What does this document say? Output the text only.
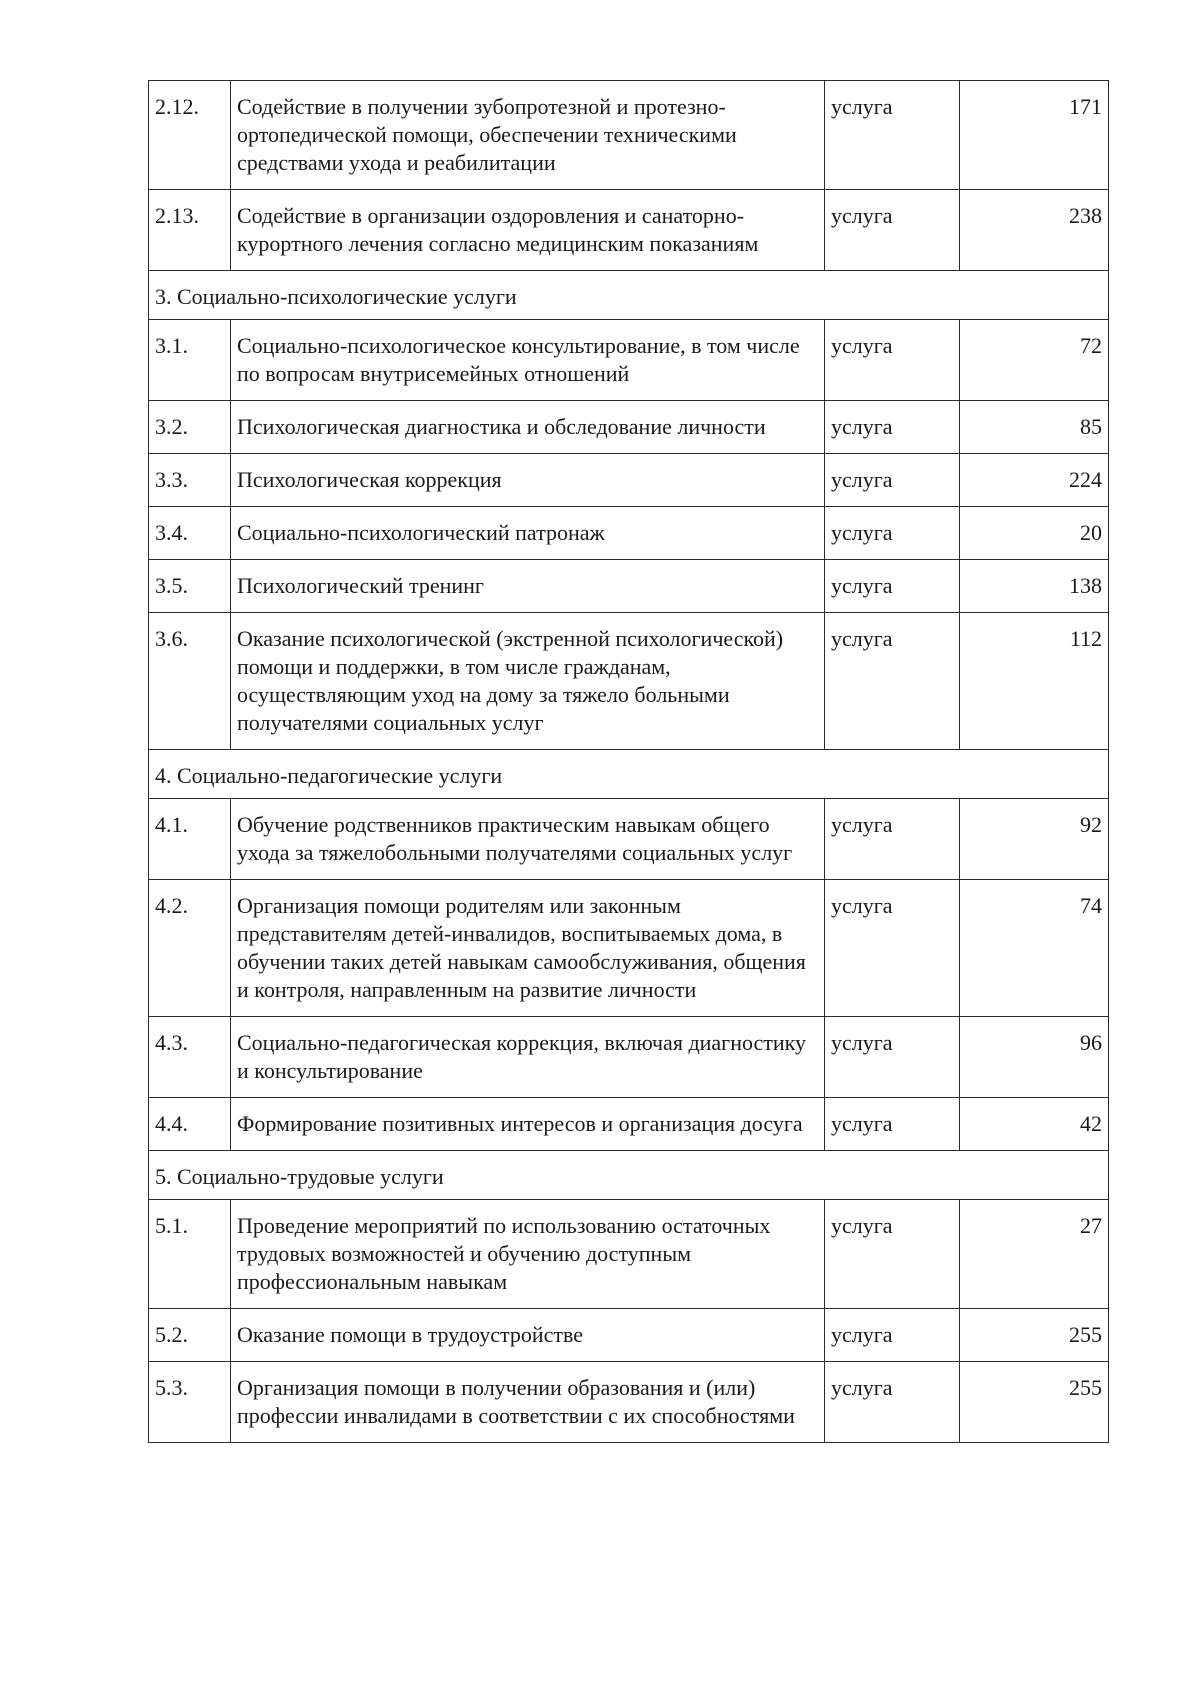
2.12.	Содействие в получении зубопротезной и протезно-ортопедической помощи, обеспечении техническими средствами ухода и реабилитации	услуга	171
2.13.	Содействие в организации оздоровления и санаторно-курортного лечения согласно медицинским показаниям	услуга	238
3. Социально-психологические услуги			
3.1.	Социально-психологическое консультирование, в том числе по вопросам внутрисемейных отношений	услуга	72
3.2.	Психологическая диагностика и обследование личности	услуга	85
3.3.	Психологическая коррекция	услуга	224
3.4.	Социально-психологический патронаж	услуга	20
3.5.	Психологический тренинг	услуга	138
3.6.	Оказание психологической (экстренной психологической) помощи и поддержки, в том числе гражданам, осуществляющим уход на дому за тяжело больными получателями социальных услуг	услуга	112
4. Социально-педагогические услуги			
4.1.	Обучение родственников практическим навыкам общего ухода за тяжелобольными получателями социальных услуг	услуга	92
4.2.	Организация помощи родителям или законным представителям детей-инвалидов, воспитываемых дома, в обучении таких детей навыкам самообслуживания, общения и контроля, направленным на развитие личности	услуга	74
4.3.	Социально-педагогическая коррекция, включая диагностику и консультирование	услуга	96
4.4.	Формирование позитивных интересов и организация досуга	услуга	42
5. Социально-трудовые услуги			
5.1.	Проведение мероприятий по использованию остаточных трудовых возможностей и обучению доступным профессиональным навыкам	услуга	27
5.2.	Оказание помощи в трудоустройстве	услуга	255
5.3.	Организация помощи в получении образования и (или) профессии инвалидами в соответствии с их способностями	услуга	255
